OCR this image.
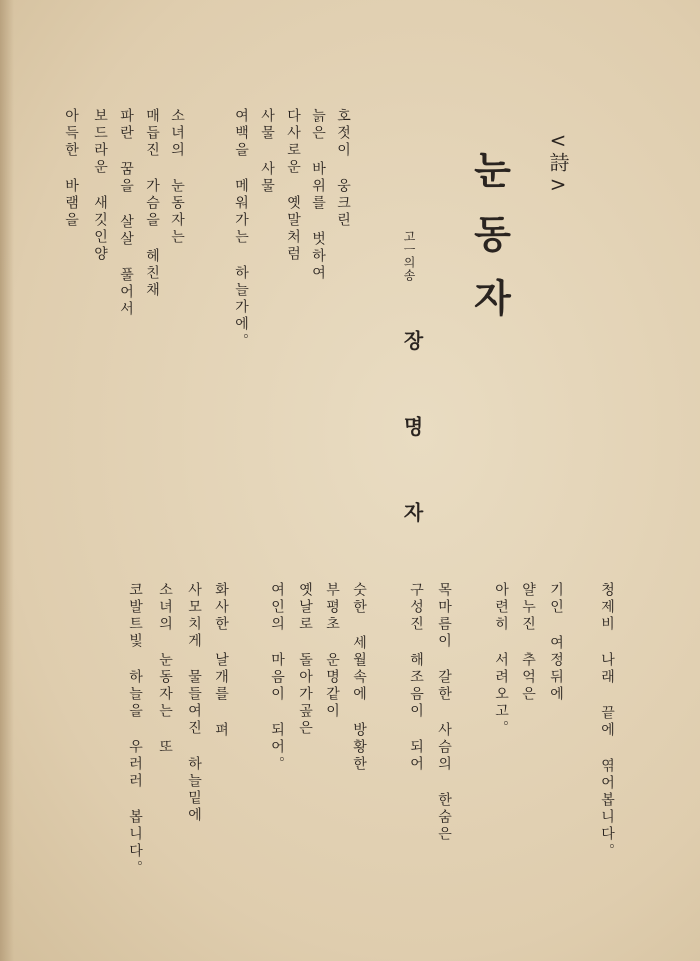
<詩>
눈동자
고ㅡ의송
장명자
호젓이 웅크린
늙은 바위를 벗하여
다사로운 옛말처럼
사물 사물
여백을 메워가는 하늘가에。
소녀의 눈동자는
매듭진 가슴을 헤친채
파란 꿈을 살살 풀어서
보드라운 새깃인양
아득한 바램을
청제비 나래 끝에 엮어봅니다。
기인 여정뒤에
얄누진 추억은
아련히 서려오고。
목마름이 갈한 사슴의 한숨은
구성진 해조음이 되어
숫한 세월속에 방황한
부평초 운명같이
옛날로 돌아가곺은
여인의 마음이 되어。
화사한 날개를 펴
사모치게 물들여진 하늘밑에
소녀의 눈동자는 또
코발트빛 하늘을 우러러 봅니다。
